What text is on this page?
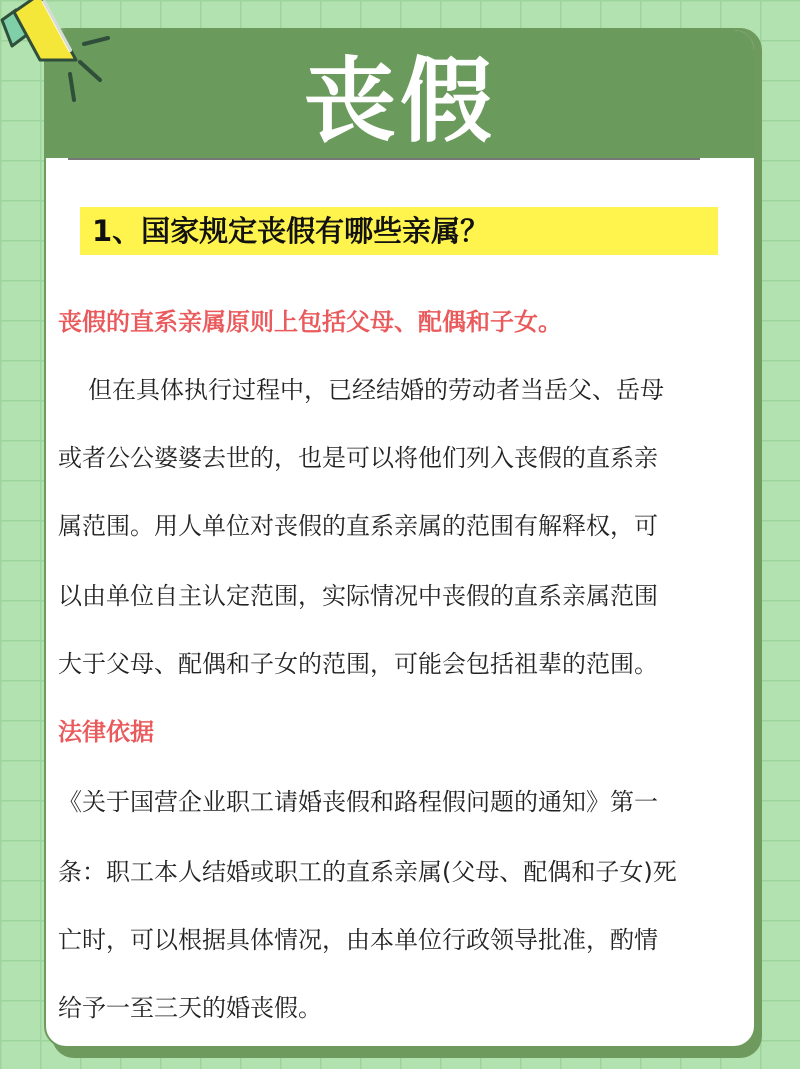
丧假
1、国家规定丧假有哪些亲属？
丧假的直系亲属原则上包括父母、配偶和子女。
但在具体执行过程中，已经结婚的劳动者当岳父、岳母
或者公公婆婆去世的，也是可以将他们列入丧假的直系亲
属范围。用人单位对丧假的直系亲属的范围有解释权，可
以由单位自主认定范围，实际情况中丧假的直系亲属范围
大于父母、配偶和子女的范围，可能会包括祖辈的范围。
法律依据
《关于国营企业职工请婚丧假和路程假问题的通知》第一
条：职工本人结婚或职工的直系亲属(父母、配偶和子女)死
亡时，可以根据具体情况，由本单位行政领导批准，酌情
给予一至三天的婚丧假。
